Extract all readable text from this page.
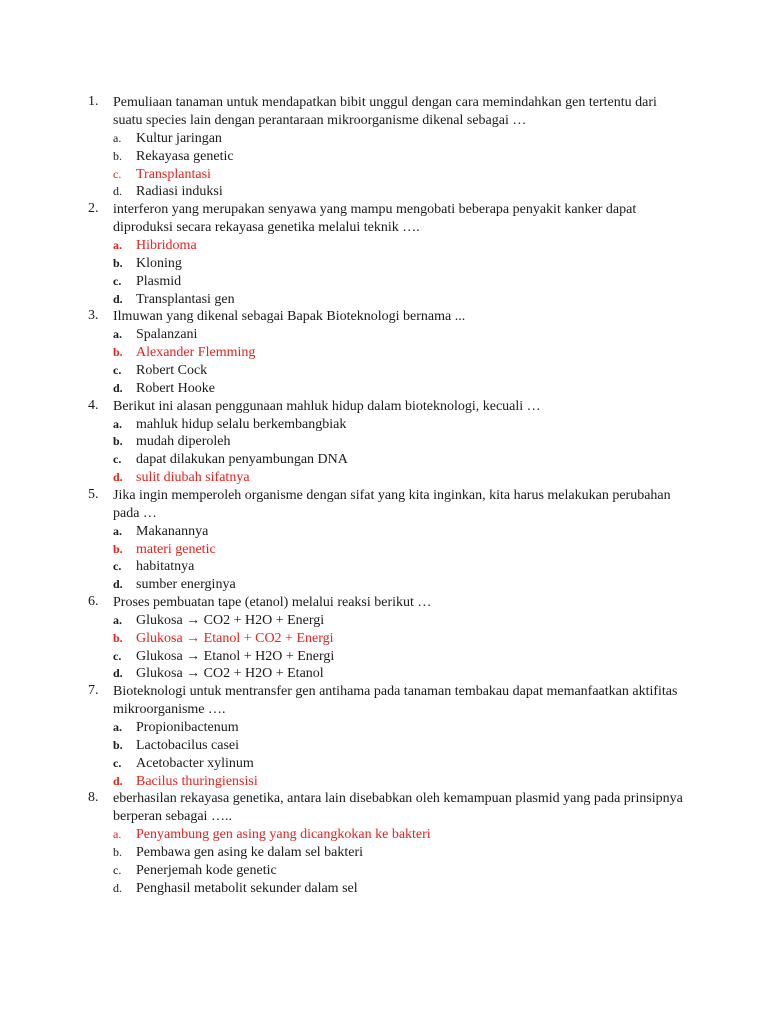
1.	Pemuliaan tanaman untuk mendapatkan bibit unggul dengan cara memindahkan gen tertentu dari suatu species lain dengan perantaraan mikroorganisme dikenal sebagai …
a. Kultur jaringan
b. Rekayasa genetic
c. Transplantasi
d. Radiasi induksi
2.	interferon yang merupakan senyawa yang mampu mengobati beberapa penyakit kanker dapat diproduksi secara rekayasa genetika melalui teknik ….
a. Hibridoma
b. Kloning
c. Plasmid
d. Transplantasi gen
3.	Ilmuwan yang dikenal sebagai Bapak Bioteknologi bernama ...
a. Spalanzani
b. Alexander Flemming
c. Robert Cock
d. Robert Hooke
4.	Berikut ini alasan penggunaan mahluk hidup dalam bioteknologi, kecuali …
a. mahluk hidup selalu berkembangbiak
b. mudah diperoleh
c. dapat dilakukan penyambungan DNA
d. sulit diubah sifatnya
5.	Jika ingin memperoleh organisme dengan sifat yang kita inginkan, kita harus melakukan perubahan pada …
a. Makanannya
b. materi genetic
c. habitatnya
d. sumber energinya
6.	Proses pembuatan tape (etanol) melalui reaksi berikut …
a. Glukosa → CO2 + H2O + Energi
b. Glukosa → Etanol + CO2 + Energi
c. Glukosa → Etanol + H2O + Energi
d. Glukosa → CO2 + H2O + Etanol
7.	Bioteknologi untuk mentransfer gen antihama pada tanaman tembakau dapat memanfaatkan aktifitas mikroorganisme ….
a. Propionibactenum
b. Lactobacilus casei
c. Acetobacter xylinum
d. Bacilus thuringiensisi
8.	eberhasilan rekayasa genetika, antara lain disebabkan oleh kemampuan plasmid yang pada prinsipnya berperan sebagai …..
a. Penyambung gen asing yang dicangkokan ke bakteri
b. Pembawa gen asing ke dalam sel bakteri
c. Penerjemah kode genetic
d. Penghasil metabolit sekunder dalam sel
